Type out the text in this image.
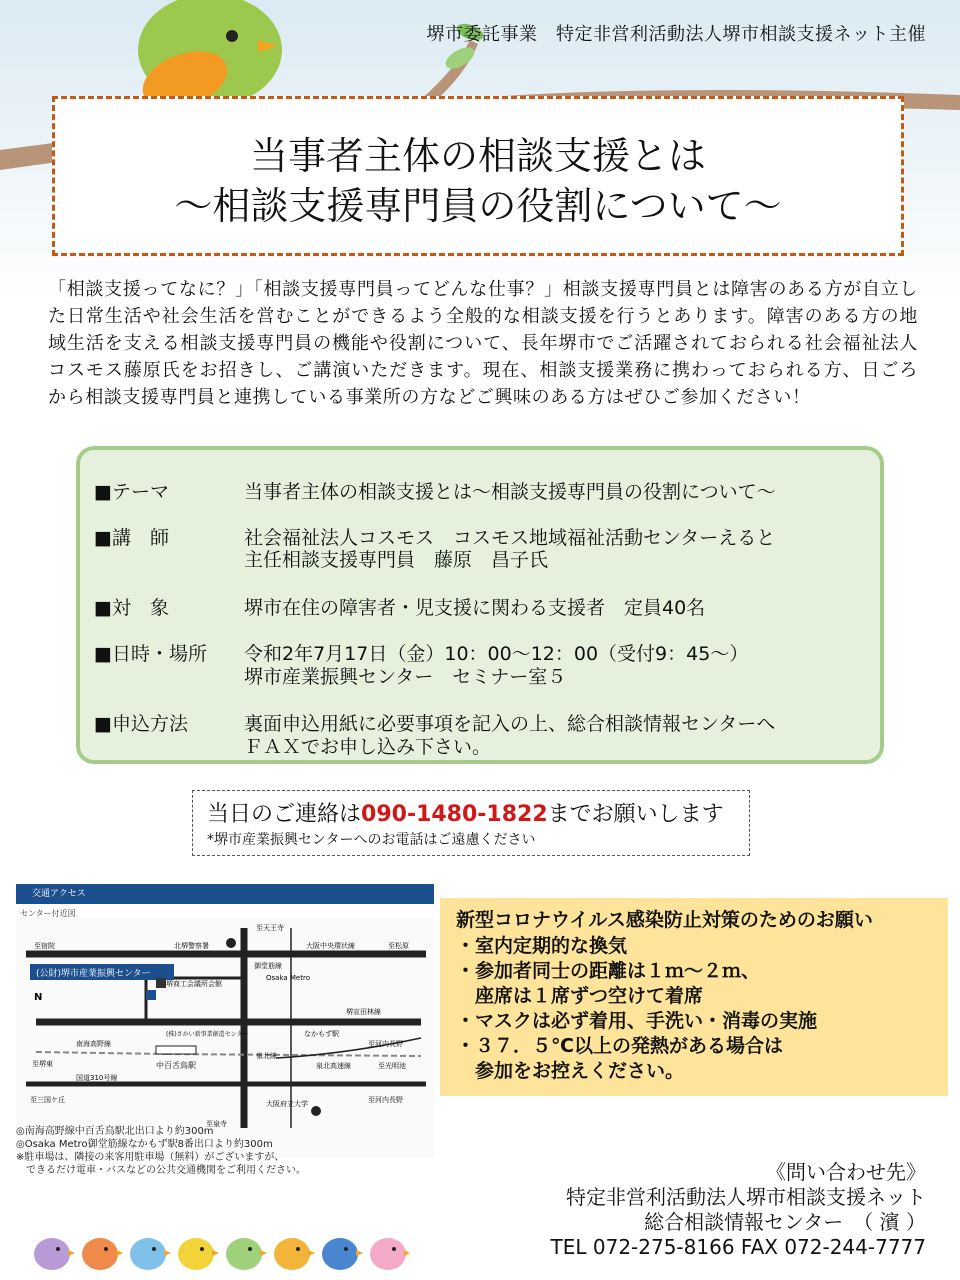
堺市委託事業　特定非営利活動法人堺市相談支援ネット主催
当事者主体の相談支援とは
～相談支援専門員の役割について～
「相談支援ってなに？」「相談支援専門員ってどんな仕事？」相談支援専門員とは障害のある方が自立した日常生活や社会生活を営むことができるよう全般的な相談支援を行うとあります。障害のある方の地域生活を支える相談支援専門員の機能や役割について、長年堺市でご活躍されておられる社会福祉法人コスモス藤原氏をお招きし、ご講演いただきます。現在、相談支援業務に携わっておられる方、日ごろから相談支援専門員と連携している事業所の方などご興味のある方はぜひご参加ください！
■テーマ	当事者主体の相談支援とは～相談支援専門員の役割について～
■講　師	社会福祉法人コスモス　コスモス地域福祉活動センターえると
主任相談支援専門員　藤原　昌子氏
■対　象	堺市在住の障害者・児支援に関わる支援者　定員40名
■日時・場所	令和2年7月17日（金）10：00～12：00（受付9：45～）
堺市産業振興センター　セミナー室５
■申込方法	裏面申込用紙に必要事項を記入の上、総合相談情報センターへ
ＦＡＸでお申し込み下さい。
当日のご連絡は090-1480-1822までお願いします
*堺市産業振興センターへのお電話はご遠慮ください
交通アクセス
センター付近図
(公財)堺市産業振興センター
至宿院	北堺警察署
至天王寺
大阪中央環状線	至松原
御堂筋線
Osaka Metro
堺商工会議所会館
堺宣田林線
(株)さかい新事業創造センター	なかもず駅
南海高野線	至河内長野
至堺東	中百舌鳥駅	泉北高速線	至光明池
国道310号線
至三国ケ丘	大阪府立大学	至河内長野
至泉寺
泉北線
N
◎南海高野線中百舌鳥駅北出口より約300m
◎Osaka Metro御堂筋線なかもず駅8番出口より約300m
※駐車場は、隣接の来客用駐車場（無料）がございますが、
　できるだけ電車・バスなどの公共交通機関をご利用ください。
新型コロナウイルス感染防止対策のためのお願い
・室内定期的な換気
・参加者同士の距離は１ｍ～２ｍ、
　座席は１席ずつ空けて着席
・マスクは必ず着用、手洗い・消毒の実施
・３７．５℃以上の発熱がある場合は
　参加をお控えください。
《問い合わせ先》
特定非営利活動法人堺市相談支援ネット
総合相談情報センター　（ 濱 ）
TEL 072-275-8166 FAX 072-244-7777
